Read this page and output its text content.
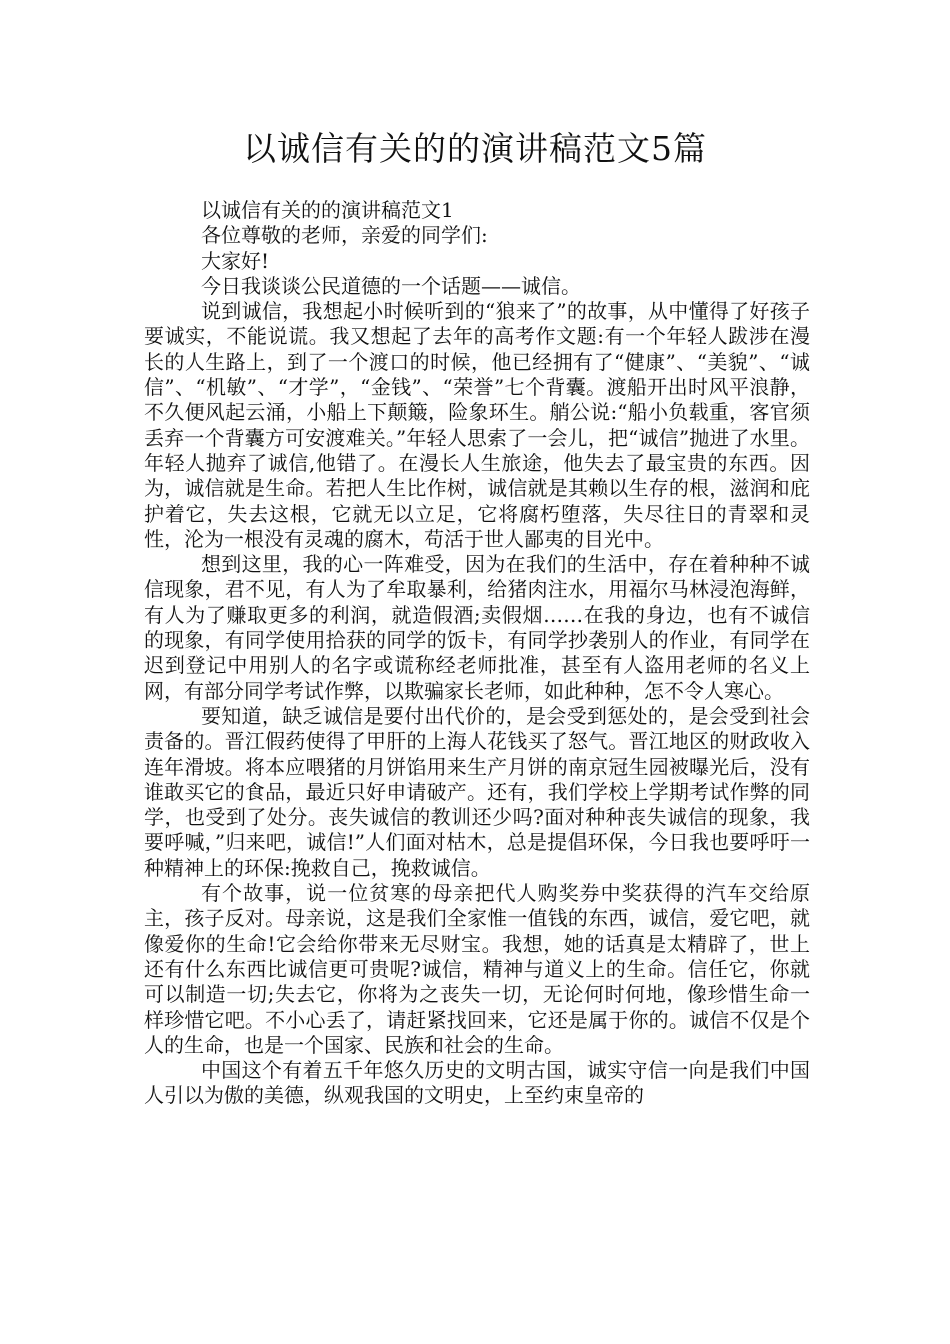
以诚信有关的的演讲稿范文5篇

以诚信有关的的演讲稿范文1

各位尊敬的老师，亲爱的同学们:

大家好!

今日我谈谈公民道德的一个话题——诚信。

说到诚信，我想起小时候听到的“狼来了”的故事，从中懂得了好孩子要诚实，不能说谎。我又想起了去年的高考作文题:有一个年轻人跋涉在漫长的人生路上，到了一个渡口的时候，他已经拥有了“健康”、“美貌”、“诚信”、“机敏”、“才学”，“金钱”、“荣誉”七个背囊。渡船开出时风平浪静，不久便风起云涌，小船上下颠簸，险象环生。艄公说:“船小负载重，客官须丢弃一个背囊方可安渡难关。”年轻人思索了一会儿，把“诚信”抛进了水里。年轻人抛弃了诚信,他错了。在漫长人生旅途，他失去了最宝贵的东西。因为，诚信就是生命。若把人生比作树，诚信就是其赖以生存的根，滋润和庇护着它，失去这根，它就无以立足，它将腐朽堕落，失尽往日的青翠和灵性，沦为一根没有灵魂的腐木，苟活于世人鄙夷的目光中。

想到这里，我的心一阵难受，因为在我们的生活中，存在着种种不诚信现象，君不见，有人为了牟取暴利，给猪肉注水，用福尔马林浸泡海鲜，有人为了赚取更多的利润，就造假酒;卖假烟……在我的身边，也有不诚信的现象，有同学使用拾获的同学的饭卡，有同学抄袭别人的作业，有同学在迟到登记中用别人的名字或谎称经老师批准，甚至有人盗用老师的名义上网，有部分同学考试作弊，以欺骗家长老师，如此种种，怎不令人寒心。

要知道，缺乏诚信是要付出代价的，是会受到惩处的，是会受到社会责备的。晋江假药使得了甲肝的上海人花钱买了怒气。晋江地区的财政收入连年滑坡。将本应喂猪的月饼馅用来生产月饼的南京冠生园被曝光后，没有谁敢买它的食品，最近只好申请破产。还有，我们学校上学期考试作弊的同学，也受到了处分。丧失诚信的教训还少吗?面对种种丧失诚信的现象，我要呼喊，”归来吧，诚信!”人们面对枯木，总是提倡环保，今日我也要呼吁一种精神上的环保:挽救自己，挽救诚信。

有个故事，说一位贫寒的母亲把代人购奖券中奖获得的汽车交给原主，孩子反对。母亲说，这是我们全家惟一值钱的东西，诚信，爱它吧，就像爱你的生命!它会给你带来无尽财宝。我想，她的话真是太精辟了，世上还有什么东西比诚信更可贵呢?诚信，精神与道义上的生命。信任它，你就可以制造一切;失去它，你将为之丧失一切，无论何时何地，像珍惜生命一样珍惜它吧。不小心丢了，请赶紧找回来，它还是属于你的。诚信不仅是个人的生命，也是一个国家、民族和社会的生命。

中国这个有着五千年悠久历史的文明古国，诚实守信一向是我们中国人引以为傲的美德，纵观我国的文明史，上至约束皇帝的
